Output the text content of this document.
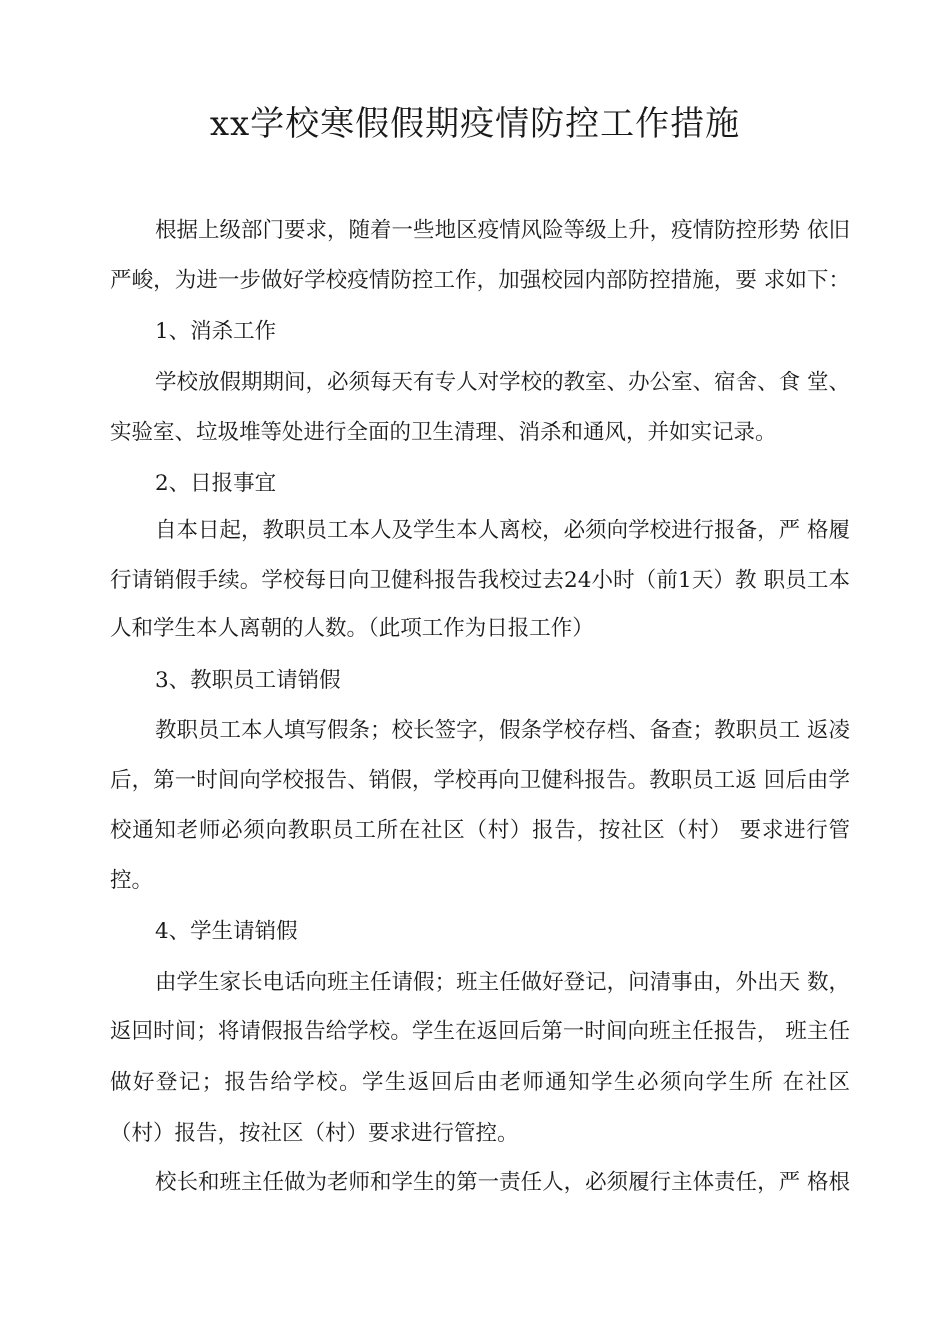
xx学校寒假假期疫情防控工作措施

根据上级部门要求，随着一些地区疫情风险等级上升，疫情防控形势 依旧

严峻，为进一步做好学校疫情防控工作，加强校园内部防控措施，要 求如下：

1、消杀工作

学校放假期期间，必须每天有专人对学校的教室、办公室、宿舍、食 堂、

实验室、垃圾堆等处进行全面的卫生清理、消杀和通风，并如实记录。

2、日报事宜

自本日起，教职员工本人及学生本人离校，必须向学校进行报备，严 格履

行请销假手续。学校每日向卫健科报告我校过去24小时（前1天）教 职员工本

人和学生本人离朝的人数。（此项工作为日报工作）

3、教职员工请销假

教职员工本人填写假条；校长签字，假条学校存档、备查；教职员工 返凌

后，第一时间向学校报告、销假，学校再向卫健科报告。教职员工返 回后由学

校通知老师必须向教职员工所在社区（村）报告，按社区（村） 要求进行管

控。

4、学生请销假

由学生家长电话向班主任请假；班主任做好登记，问清事由，外出天 数，

返回时间；将请假报告给学校。学生在返回后第一时间向班主任报告， 班主任

做好登记；报告给学校。学生返回后由老师通知学生必须向学生所 在社区

（村）报告，按社区（村）要求进行管控。

校长和班主任做为老师和学生的第一责任人，必须履行主体责任，严 格根
